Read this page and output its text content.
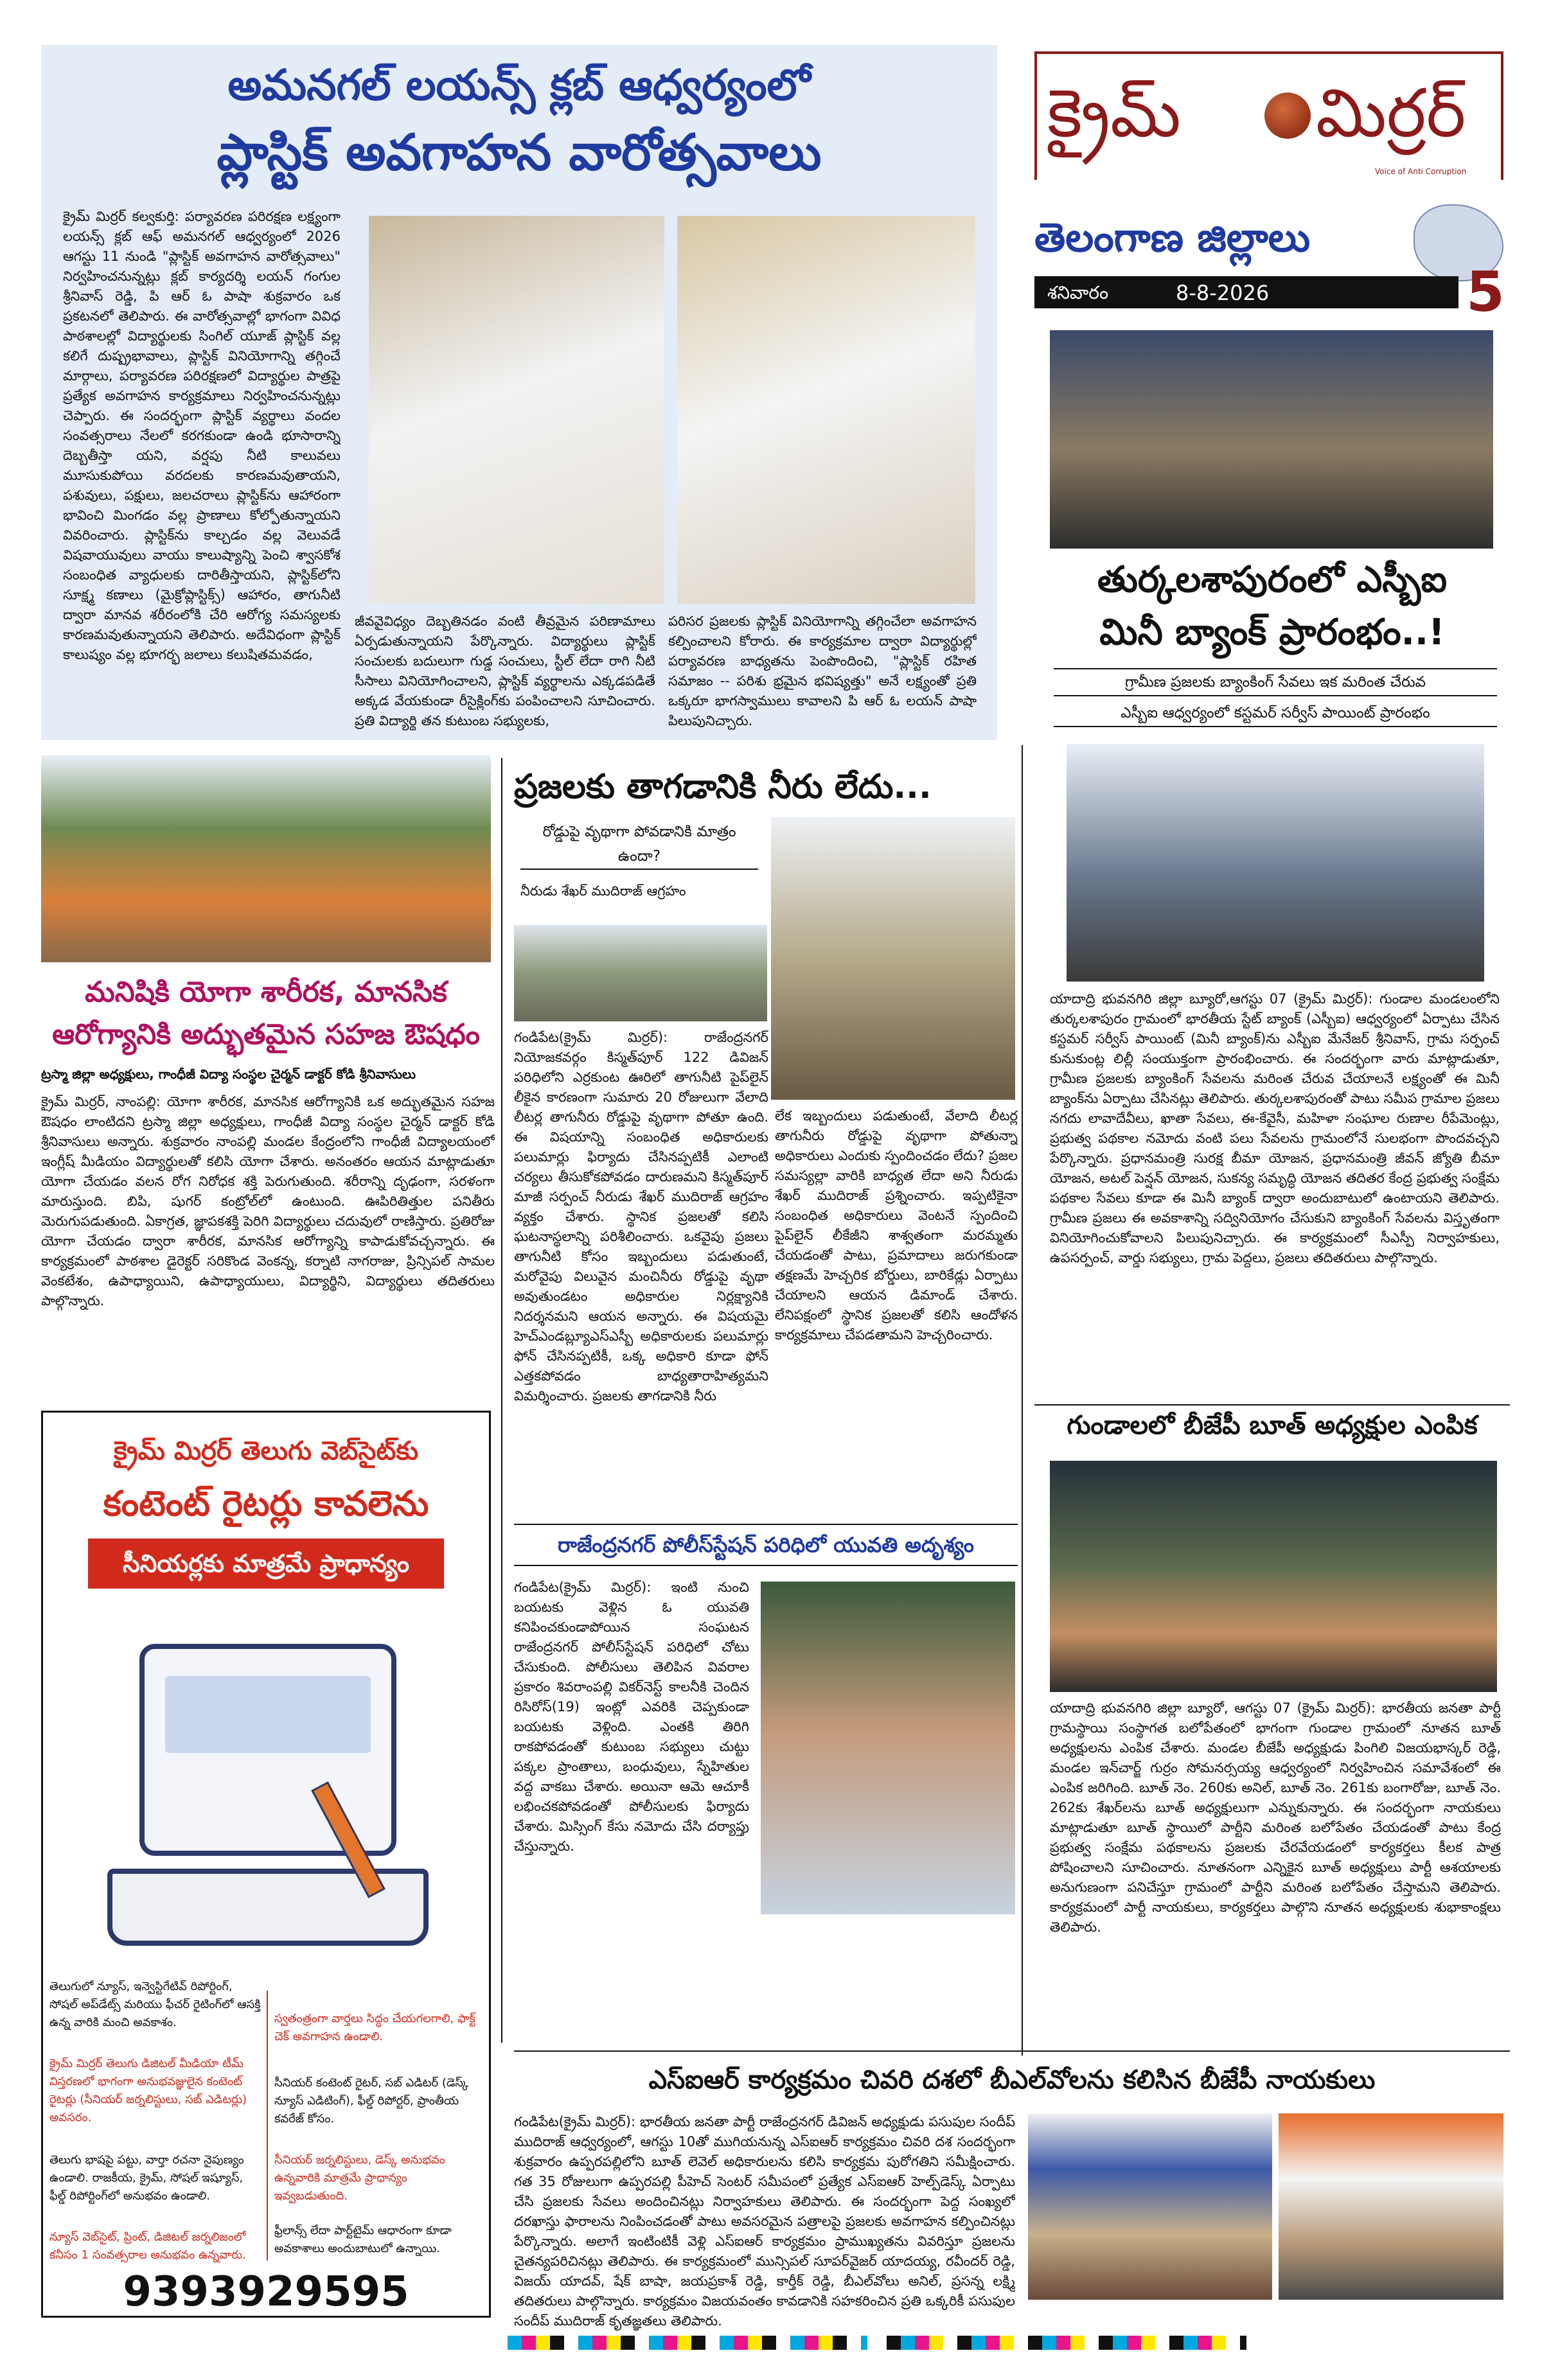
అమనగల్ లయన్స్ క్లబ్ ఆధ్వర్యంలో
ప్లాస్టిక్ అవగాహన వారోత్సవాలు
క్రైమ్ మిర్రర్ కల్వకుర్తి: పర్యావరణ పరిరక్షణ లక్ష్యంగా లయన్స్ క్లబ్ ఆఫ్ అమనగల్ ఆధ్వర్యంలో 2026 ఆగస్టు 11 నుండి "ప్లాస్టిక్ అవగాహన వారోత్సవాలు" నిర్వహించనున్నట్లు క్లబ్ కార్యదర్శి లయన్ గంగుల శ్రీనివాస్ రెడ్డి, పి ఆర్ ఓ పాషా శుక్రవారం ఒక ప్రకటనలో తెలిపారు. ఈ వారోత్సవాల్లో భాగంగా వివిధ పాఠశాలల్లో విద్యార్థులకు సింగిల్ యూజ్ ప్లాస్టిక్ వల్ల కలిగే దుష్ప్రభావాలు, ప్లాస్టిక్ వినియోగాన్ని తగ్గించే మార్గాలు, పర్యావరణ పరిరక్షణలో విద్యార్థుల పాత్రపై ప్రత్యేక అవగాహన కార్యక్రమాలు నిర్వహించనున్నట్లు చెప్పారు. ఈ సందర్భంగా ప్లాస్టిక్ వ్యర్థాలు వందల సంవత్సరాలు నేలలో కరగకుండా ఉండి భూసారాన్ని దెబ్బతీస్తా యని, వర్షపు నీటి కాలువలు మూసుకుపోయి వరదలకు కారణమవుతాయని, పశువులు, పక్షులు, జలచరాలు ప్లాస్టిక్‌ను ఆహారంగా భావించి మింగడం వల్ల ప్రాణాలు కోల్పోతున్నాయని వివరించారు. ప్లాస్టిక్‌ను కాల్చడం వల్ల వెలువడే విషవాయువులు వాయు కాలుష్యాన్ని పెంచి శ్వాసకోశ సంబంధిత వ్యాధులకు దారితీస్తాయని, ప్లాస్టిక్‌లోని సూక్ష్మ కణాలు (మైక్రోప్లాస్టిక్స్) ఆహారం, తాగునీటి ద్వారా మానవ శరీరంలోకి చేరి ఆరోగ్య సమస్యలకు కారణమవుతున్నాయని తెలిపారు. అదేవిధంగా ప్లాస్టిక్ కాలుష్యం వల్ల భూగర్భ జలాలు కలుషితమవడం,
జీవవైవిధ్యం దెబ్బతినడం వంటి తీవ్రమైన పరిణామాలు ఏర్పడుతున్నాయని పేర్కొన్నారు. విద్యార్థులు ప్లాస్టిక్ సంచులకు బదులుగా గుడ్డ సంచులు, స్టీల్ లేదా రాగి నీటి సీసాలు వినియోగించాలని, ప్లాస్టిక్ వ్యర్థాలను ఎక్కడపడితే అక్కడ వేయకుండా రీసైక్లింగ్‌కు పంపించాలని సూచించారు. ప్రతి విద్యార్థి తన కుటుంబ సభ్యులకు,
పరిసర ప్రజలకు ప్లాస్టిక్ వినియోగాన్ని తగ్గించేలా అవగాహన కల్పించాలని కోరారు. ఈ కార్యక్రమాల ద్వారా విద్యార్థుల్లో పర్యావరణ బాధ్యతను పెంపొందించి, "ప్లాస్టిక్ రహిత సమాజం -- పరిశు భ్రమైన భవిష్యత్తు" అనే లక్ష్యంతో ప్రతి ఒక్కరూ భాగస్వాములు కావాలని పి ఆర్ ఓ లయన్ పాషా పిలుపునిచ్చారు.
క్రైమ్ మిర్రర్
Voice of Anti Corruption
తెలంగాణ జిల్లాలు
శనివారం	8-8-2026	5
తుర్కలశాపురంలో ఎస్బీఐ
మినీ బ్యాంక్ ప్రారంభం..!
గ్రామీణ ప్రజలకు బ్యాంకింగ్ సేవలు ఇక మరింత చేరువ
ఎస్బీఐ ఆధ్వర్యంలో కస్టమర్ సర్వీస్ పాయింట్ ప్రారంభం
యాదాద్రి భువనగిరి జిల్లా బ్యూరో,ఆగస్టు 07 (క్రైమ్ మిర్రర్): గుండాల మండలంలోని తుర్కలశాపురం గ్రామంలో భారతీయ స్టేట్ బ్యాంక్ (ఎస్బీఐ) ఆధ్వర్యంలో ఏర్పాటు చేసిన కస్టమర్ సర్వీస్ పాయింట్ (మినీ బ్యాంక్)ను ఎస్బీఐ మేనేజర్ శ్రీనివాస్, గ్రామ సర్పంచ్ కునుకుంట్ల లిల్లీ సంయుక్తంగా ప్రారంభించారు. ఈ సందర్భంగా వారు మాట్లాడుతూ, గ్రామీణ ప్రజలకు బ్యాంకింగ్ సేవలను మరింత చేరువ చేయాలనే లక్ష్యంతో ఈ మినీ బ్యాంక్‌ను ఏర్పాటు చేసినట్లు తెలిపారు. తుర్కలశాపురంతో పాటు సమీప గ్రామాల ప్రజలు నగదు లావాదేవీలు, ఖాతా సేవలు, ఈ-కేవైసీ, మహిళా సంఘాల రుణాల రీపేమెంట్లు, ప్రభుత్వ పథకాల నమోదు వంటి పలు సేవలను గ్రామంలోనే సులభంగా పొందవచ్చని పేర్కొన్నారు. ప్రధానమంత్రి సురక్ష బీమా యోజన, ప్రధానమంత్రి జీవన్ జ్యోతి బీమా యోజన, అటల్ పెన్షన్ యోజన, సుకన్య సమృద్ధి యోజన తదితర కేంద్ర ప్రభుత్వ సంక్షేమ పథకాల సేవలు కూడా ఈ మినీ బ్యాంక్ ద్వారా అందుబాటులో ఉంటాయని తెలిపారు. గ్రామీణ ప్రజలు ఈ అవకాశాన్ని సద్వినియోగం చేసుకుని బ్యాంకింగ్ సేవలను విస్తృతంగా వినియోగించుకోవాలని పిలుపునిచ్చారు. ఈ కార్యక్రమంలో సీఎస్పీ నిర్వాహకులు, ఉపసర్పంచ్, వార్డు సభ్యులు, గ్రామ పెద్దలు, ప్రజలు తదితరులు పాల్గొన్నారు.
మనిషికి యోగా శారీరక, మానసిక
ఆరోగ్యానికి అద్భుతమైన సహజ ఔషధం
ట్రస్మా జిల్లా అధ్యక్షులు, గాంధీజీ విద్యా సంస్థల చైర్మన్ డాక్టర్ కోడి శ్రీనివాసులు
క్రైమ్ మిర్రర్, నాంపల్లి: యోగా శారీరక, మానసిక ఆరోగ్యానికి ఒక అద్భుతమైన సహజ ఔషధం లాంటిదని ట్రస్మా జిల్లా అధ్యక్షులు, గాంధీజీ విద్యా సంస్థల చైర్మన్ డాక్టర్ కోడి శ్రీనివాసులు అన్నారు. శుక్రవారం నాంపల్లి మండల కేంద్రంలోని గాంధీజీ విద్యాలయంలో ఇంగ్లీష్ మీడియం విద్యార్థులతో కలిసి యోగా చేశారు. అనంతరం ఆయన మాట్లాడుతూ యోగా చేయడం వలన రోగ నిరోధక శక్తి పెరుగుతుంది. శరీరాన్ని దృఢంగా, సరళంగా మారుస్తుంది. బిపి, షుగర్ కంట్రోల్‌లో ఉంటుంది. ఊపిరితిత్తుల పనితీరు మెరుగుపడుతుంది. ఏకాగ్రత, జ్ఞాపకశక్తి పెరిగి విద్యార్థులు చదువులో రాణిస్తారు. ప్రతిరోజు యోగా చేయడం ద్వారా శారీరక, మానసిక ఆరోగ్యాన్ని కాపాడుకోవచ్చన్నారు. ఈ కార్యక్రమంలో పాఠశాల డైరెక్టర్ సరికొండ వెంకన్న, కర్నాటి నాగరాజు, ప్రిన్సిపల్ సామల వెంకటేశం, ఉపాధ్యాయిని, ఉపాధ్యాయులు, విద్యార్థిని, విద్యార్థులు తదితరులు పాల్గొన్నారు.
ప్రజలకు తాగడానికి నీరు లేదు...
రోడ్డుపై వృథాగా పోవడానికి మాత్రం ఉందా?
నీరుడు శేఖర్ ముదిరాజ్ ఆగ్రహం
గండిపేట(క్రైమ్ మిర్రర్): రాజేంద్రనగర్ నియోజకవర్గం కిస్మత్‌పూర్ 122 డివిజన్ పరిధిలోని ఎర్రకుంట ఊరిలో తాగునీటి పైప్‌లైన్ లీకైన కారణంగా సుమారు 20 రోజులుగా వేలాది లీటర్ల తాగునీరు రోడ్డుపై వృథాగా పోతూ ఉంది. ఈ విషయాన్ని సంబంధిత అధికారులకు పలుమార్లు ఫిర్యాదు చేసినప్పటికీ ఎలాంటి చర్యలు తీసుకోకపోవడం దారుణమని కిస్మత్‌పూర్ మాజీ సర్పంచ్ నీరుడు శేఖర్ ముదిరాజ్ ఆగ్రహం వ్యక్తం చేశారు. స్థానిక ప్రజలతో కలిసి ఘటనాస్థలాన్ని పరిశీలించారు. ఒకవైపు ప్రజలు తాగునీటి కోసం ఇబ్బందులు పడుతుంటే, మరోవైపు విలువైన మంచినీరు రోడ్డుపై వృథా అవుతుండటం అధికారుల నిర్లక్ష్యానికి నిదర్శనమని ఆయన అన్నారు. ఈ విషయమై హెచ్ఎండబ్ల్యూఎస్ఎస్బీ అధికారులకు పలుమార్లు ఫోన్ చేసినప్పటికీ, ఒక్క అధికారి కూడా ఫోన్ ఎత్తకపోవడం బాధ్యతారాహిత్యమని విమర్శించారు. ప్రజలకు తాగడానికి నీరు
లేక ఇబ్బందులు పడుతుంటే, వేలాది లీటర్ల తాగునీరు రోడ్డుపై వృథాగా పోతున్నా అధికారులు ఎందుకు స్పందించడం లేదు? ప్రజల సమస్యల్లా వారికి బాధ్యత లేదా అని నీరుడు శేఖర్ ముదిరాజ్ ప్రశ్నించారు. ఇప్పటికైనా సంబంధిత అధికారులు వెంటనే స్పందించి పైప్‌లైన్ లీకేజీని శాశ్వతంగా మరమ్మతు చేయడంతో పాటు, ప్రమాదాలు జరుగకుండా తక్షణమే హెచ్చరిక బోర్డులు, బారికేడ్లు ఏర్పాటు చేయాలని ఆయన డిమాండ్ చేశారు. లేనిపక్షంలో స్థానిక ప్రజలతో కలిసి ఆందోళన కార్యక్రమాలు చేపడతామని హెచ్చరించారు.
రాజేంద్రనగర్ పోలీస్‌స్టేషన్ పరిధిలో యువతి అదృశ్యం
గండిపేట(క్రైమ్ మిర్రర్): ఇంటి నుంచి బయటకు వెళ్లిన ఓ యువతి కనిపించకుండాపోయిన సంఘటన రాజేంద్రనగర్ పోలీస్‌స్టేషన్ పరిధిలో చోటు చేసుకుంది. పోలీసులు తెలిపిన వివరాల ప్రకారం శివరాంపల్లి వికర్‌నెస్ట్ కాలనీకి చెందిన రిసిరోస్(19) ఇంట్లో ఎవరికి చెప్పకుండా బయటకు వెళ్లింది. ఎంతకి తిరిగి రాకపోవడంతో కుటుంబ సభ్యులు చుట్టు పక్కల ప్రాంతాలు, బంధువులు, స్నేహితుల వద్ద వాకబు చేశారు. అయినా ఆమె ఆచూకీ లభించకపోవడంతో పోలీసులకు ఫిర్యాదు చేశారు. మిస్సింగ్ కేసు నమోదు చేసి దర్యాప్తు చేస్తున్నారు.
గుండాలలో బీజేపీ బూత్ అధ్యక్షుల ఎంపిక
యాదాద్రి భువనగిరి జిల్లా బ్యూరో, ఆగస్టు 07 (క్రైమ్ మిర్రర్): భారతీయ జనతా పార్టీ గ్రామస్థాయి సంస్థాగత బలోపేతంలో భాగంగా గుండాల గ్రామంలో నూతన బూత్ అధ్యక్షులను ఎంపిక చేశారు. మండల బీజేపీ అధ్యక్షుడు పింగిలి విజయభాస్కర్ రెడ్డి, మండల ఇన్‌చార్జ్ గుర్రం సోమనర్సయ్య ఆధ్వర్యంలో నిర్వహించిన సమావేశంలో ఈ ఎంపిక జరిగింది. బూత్ నెం. 260కు అనిల్, బూత్ నెం. 261కు బంగారోజు, బూత్ నెం. 262కు శేఖర్‌లను బూత్ అధ్యక్షులుగా ఎన్నుకున్నారు. ఈ సందర్భంగా నాయకులు మాట్లాడుతూ బూత్ స్థాయిలో పార్టీని మరింత బలోపేతం చేయడంతో పాటు కేంద్ర ప్రభుత్వ సంక్షేమ పథకాలను ప్రజలకు చేరవేయడంలో కార్యకర్తలు కీలక పాత్ర పోషించాలని సూచించారు. నూతనంగా ఎన్నికైన బూత్ అధ్యక్షులు పార్టీ ఆశయాలకు అనుగుణంగా పనిచేస్తూ గ్రామంలో పార్టీని మరింత బలోపేతం చేస్తామని తెలిపారు. కార్యక్రమంలో పార్టీ నాయకులు, కార్యకర్తలు పాల్గొని నూతన అధ్యక్షులకు శుభాకాంక్షలు తెలిపారు.
క్రైమ్ మిర్రర్ తెలుగు వెబ్‌సైట్‌కు
కంటెంట్ రైటర్లు కావలెను
సీనియర్లకు మాత్రమే ప్రాధాన్యం
తెలుగులో న్యూస్, ఇన్వెస్టిగేటివ్ రిపోర్టింగ్, సోషల్ అప్‌డేట్స్ మరియు ఫీచర్ రైటింగ్‌లో ఆసక్తి ఉన్న వారికి మంచి అవకాశం.
క్రైమ్ మిర్రర్ తెలుగు డిజిటల్ మీడియా టీమ్ విస్తరణలో భాగంగా అనుభవజ్ఞులైన కంటెంట్ రైటర్లు (సీనియర్ జర్నలిస్టులు, సబ్ ఎడిటర్లు) అవసరం.
తెలుగు భాషపై పట్టు, వార్తా రచనా నైపుణ్యం ఉండాలి. రాజకీయ, క్రైమ్, సోషల్ ఇష్యూస్, ఫీల్డ్ రిపోర్టింగ్‌లో అనుభవం ఉండాలి.
న్యూస్ వెబ్‌సైట్, ప్రింట్, డిజిటల్ జర్నలిజంలో కనీసం 1 సంవత్సరాల అనుభవం ఉన్నవారు.
స్వతంత్రంగా వార్తలు సిద్ధం చేయగలగాలి, ఫాక్ట్ చెక్ అవగాహన ఉండాలి.
సీనియర్ కంటెంట్ రైటర్, సబ్ ఎడిటర్ (డెస్క్ న్యూస్ ఎడిటింగ్), ఫీల్డ్ రిపోర్టర్, ప్రాంతీయ కవరేజ్ కోసం.
సీనియర్ జర్నలిస్టులు, డెస్క్ అనుభవం ఉన్నవారికి మాత్రమే ప్రాధాన్యం ఇవ్వబడుతుంది.
ఫ్రీలాన్స్ లేదా పార్ట్‌టైమ్ ఆధారంగా కూడా అవకాశాలు అందుబాటులో ఉన్నాయి.
9393929595
ఎస్ఐఆర్ కార్యక్రమం చివరి దశలో బీఎల్‌వోలను కలిసిన బీజేపీ నాయకులు
గండిపేట(క్రైమ్ మిర్రర్): భారతీయ జనతా పార్టీ రాజేంద్రనగర్ డివిజన్ అధ్యక్షుడు పసుపుల సందీప్ ముదిరాజ్ ఆధ్వర్యంలో, ఆగస్టు 10తో ముగియనున్న ఎస్ఐఆర్ కార్యక్రమం చివరి దశ సందర్భంగా శుక్రవారం ఉప్పరపల్లిలోని బూత్ లెవెల్ అధికారులను కలిసి కార్యక్రమ పురోగతిని సమీక్షించారు. గత 35 రోజులుగా ఉప్పరపల్లి పీహెచ్ సెంటర్ సమీపంలో ప్రత్యేక ఎస్ఐఆర్ హెల్ప్‌డెస్క్ ఏర్పాటు చేసి ప్రజలకు సేవలు అందించినట్లు నిర్వాహకులు తెలిపారు. ఈ సందర్భంగా పెద్ద సంఖ్యలో దరఖాస్తు ఫారాలను నింపించడంతో పాటు అవసరమైన పత్రాలపై ప్రజలకు అవగాహన కల్పించినట్లు పేర్కొన్నారు. అలాగే ఇంటింటికీ వెళ్లి ఎస్ఐఆర్ కార్యక్రమం ప్రాముఖ్యతను వివరిస్తూ ప్రజలను చైతన్యపరిచినట్లు తెలిపారు. ఈ కార్యక్రమంలో మున్సిపల్ సూపర్‌వైజర్ యాదయ్య, రవీందర్ రెడ్డి, విజయ్ యాదవ్, షేక్ బాషా, జయప్రకాశ్ రెడ్డి, కార్తీక్ రెడ్డి, బీఎల్‌వోలు అనిల్, ప్రసన్న లక్ష్మి తదితరులు పాల్గొన్నారు. కార్యక్రమం విజయవంతం కావడానికి సహకరించిన ప్రతి ఒక్కరికీ పసుపుల సందీప్ ముదిరాజ్ కృతజ్ఞతలు తెలిపారు.
